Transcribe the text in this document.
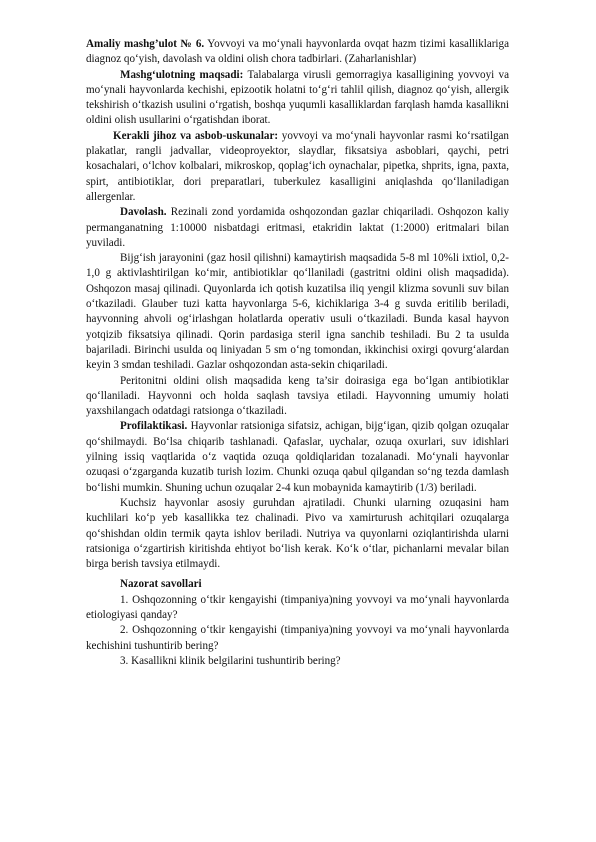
Amaliy mashg’ulot № 6. Yovvoyi va mo‘ynali hayvonlarda ovqat hazm tizimi kasalliklariga diagnoz qo‘yish, davolash va oldini olish chora tadbirlari. (Zaharlanishlar)

Mashg‘ulotning maqsadi: Talabalarga virusli gemorragiya kasalligining yovvoyi va mo‘ynali hayvonlarda kechishi, epizootik holatni to‘g‘ri tahlil qilish, diagnoz qo‘yish, allergik tekshirish o‘tkazish usulini o‘rgatish, boshqa yuqumli kasalliklardan farqlash hamda kasallikni oldini olish usullarini o‘rgatishdan iborat.

Kerakli jihoz va asbob-uskunalar: yovvoyi va mo‘ynali hayvonlar rasmi ko‘rsatilgan plakatlar, rangli jadvallar, videoproyektor, slaydlar, fiksatsiya asboblari, qaychi, petri kosachalari, o‘lchov kolbalari, mikroskop, qoplag‘ich oynachalar, pipetka, shprits, igna, paxta, spirt, antibiotiklar, dori preparatlari, tuberkulez kasalligini aniqlashda qo‘llaniladigan allergenlar.

Davolash. Rezinali zond yordamida oshqozondan gazlar chiqariladi. Oshqozon kaliy permanganatning 1:10000 nisbatdagi eritmasi, etakridin laktat (1:2000) eritmalari bilan yuviladi.

Bijg‘ish jarayonini (gaz hosil qilishni) kamaytirish maqsadida 5-8 ml 10%li ixtiol, 0,2-1,0 g aktivlashtirilgan ko‘mir, antibiotiklar qo‘llaniladi (gastritni oldini olish maqsadida). Oshqozon masaj qilinadi. Quyonlarda ich qotish kuzatilsa iliq yengil klizma sovunli suv bilan o‘tkaziladi. Glauber tuzi katta hayvonlarga 5-6, kichiklariga 3-4 g suvda eritilib beriladi, hayvonning ahvoli og‘irlashgan holatlarda operativ usuli o‘tkaziladi. Bunda kasal hayvon yotqizib fiksatsiya qilinadi. Qorin pardasiga steril igna sanchib teshiladi. Bu 2 ta usulda bajariladi. Birinchi usulda oq liniyadan 5 sm o‘ng tomondan, ikkinchisi oxirgi qovurg‘alardan keyin 3 smdan teshiladi. Gazlar oshqozondan asta-sekin chiqariladi.

Peritonitni oldini olish maqsadida keng ta’sir doirasiga ega bo‘lgan antibiotiklar qo‘llaniladi. Hayvonni och holda saqlash tavsiya etiladi. Hayvonning umumiy holati yaxshilangach odatdagi ratsionga o‘tkaziladi.

Profilaktikasi. Hayvonlar ratsioniga sifatsiz, achigan, bijg‘igan, qizib qolgan ozuqalar qo‘shilmaydi. Bo‘lsa chiqarib tashlanadi. Qafaslar, uychalar, ozuqa oxurlari, suv idishlari yilning issiq vaqtlarida o‘z vaqtida ozuqa qoldiqlaridan tozalanadi. Mo‘ynali hayvonlar ozuqasi o‘zgarganda kuzatib turish lozim. Chunki ozuqa qabul qilgandan so‘ng tezda damlash bo‘lishi mumkin. Shuning uchun ozuqalar 2-4 kun mobaynida kamaytirib (1/3) beriladi.

Kuchsiz hayvonlar asosiy guruhdan ajratiladi. Chunki ularning ozuqasini ham kuchlilari ko‘p yeb kasallikka tez chalinadi. Pivo va xamirturush achitqilari ozuqalarga qo‘shishdan oldin termik qayta ishlov beriladi. Nutriya va quyonlarni oziqlantirishda ularni ratsioniga o‘zgartirish kiritishda ehtiyot bo‘lish kerak. Ko‘k o‘tlar, pichanlarni mevalar bilan birga berish tavsiya etilmaydi.

Nazorat savollari

1. Oshqozonning o‘tkir kengayishi (timpaniya)ning yovvoyi va mo‘ynali hayvonlarda etiologiyasi qanday?

2. Oshqozonning o‘tkir kengayishi (timpaniya)ning yovvoyi va mo‘ynali hayvonlarda kechishini tushuntirib bering?

3. Kasallikni klinik belgilarini tushuntirib bering?
